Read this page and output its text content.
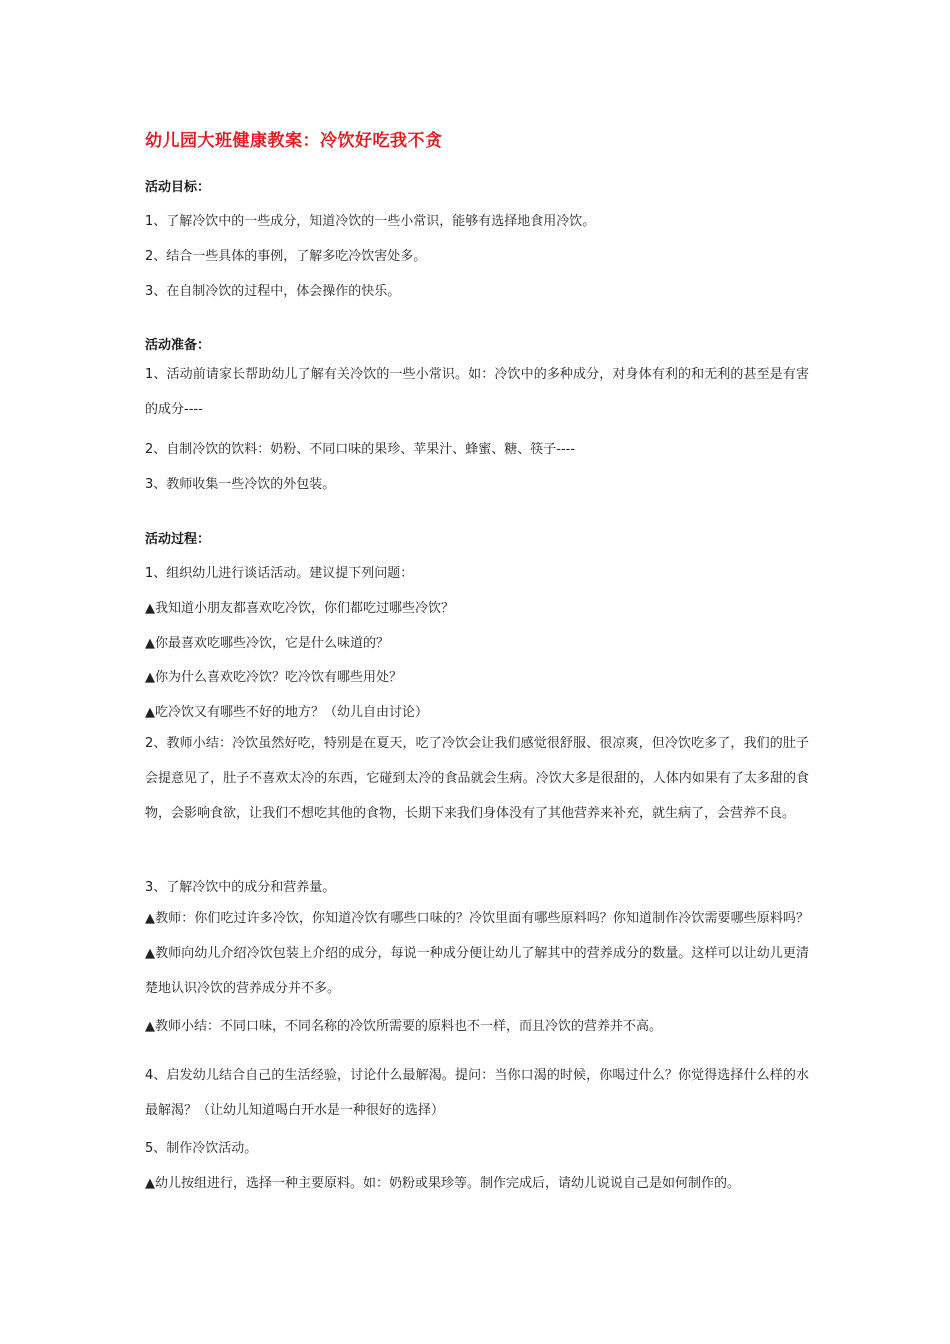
幼儿园大班健康教案：冷饮好吃我不贪
活动目标：
1、了解冷饮中的一些成分，知道冷饮的一些小常识，能够有选择地食用冷饮。
2、结合一些具体的事例，了解多吃冷饮害处多。
3、在自制冷饮的过程中，体会操作的快乐。
活动准备：
1、活动前请家长帮助幼儿了解有关冷饮的一些小常识。如：冷饮中的多种成分，对身体有利的和无利的甚至是有害的成分----
2、自制冷饮的饮料：奶粉、不同口味的果珍、苹果汁、蜂蜜、糖、筷子----
3、教师收集一些冷饮的外包装。
活动过程：
1、组织幼儿进行谈话活动。建议提下列问题：
▲我知道小朋友都喜欢吃冷饮，你们都吃过哪些冷饮？
▲你最喜欢吃哪些冷饮，它是什么味道的？
▲你为什么喜欢吃冷饮？吃冷饮有哪些用处？
▲吃冷饮又有哪些不好的地方？（幼儿自由讨论）
2、教师小结：冷饮虽然好吃，特别是在夏天，吃了冷饮会让我们感觉很舒服、很凉爽，但冷饮吃多了，我们的肚子会提意见了，肚子不喜欢太冷的东西，它碰到太冷的食品就会生病。冷饮大多是很甜的，人体内如果有了太多甜的食物，会影响食欲，让我们不想吃其他的食物，长期下来我们身体没有了其他营养来补充，就生病了，会营养不良。
3、了解冷饮中的成分和营养量。
▲教师：你们吃过许多冷饮，你知道冷饮有哪些口味的？冷饮里面有哪些原料吗？你知道制作冷饮需要哪些原料吗？　▲教师向幼儿介绍冷饮包装上介绍的成分，每说一种成分便让幼儿了解其中的营养成分的数量。这样可以让幼儿更清楚地认识冷饮的营养成分并不多。
▲教师小结：不同口味，不同名称的冷饮所需要的原料也不一样，而且冷饮的营养并不高。
4、启发幼儿结合自己的生活经验，讨论什么最解渴。提问：当你口渴的时候，你喝过什么？你觉得选择什么样的水最解渴？（让幼儿知道喝白开水是一种很好的选择）
5、制作冷饮活动。
▲幼儿按组进行，选择一种主要原料。如：奶粉或果珍等。制作完成后，请幼儿说说自己是如何制作的。
